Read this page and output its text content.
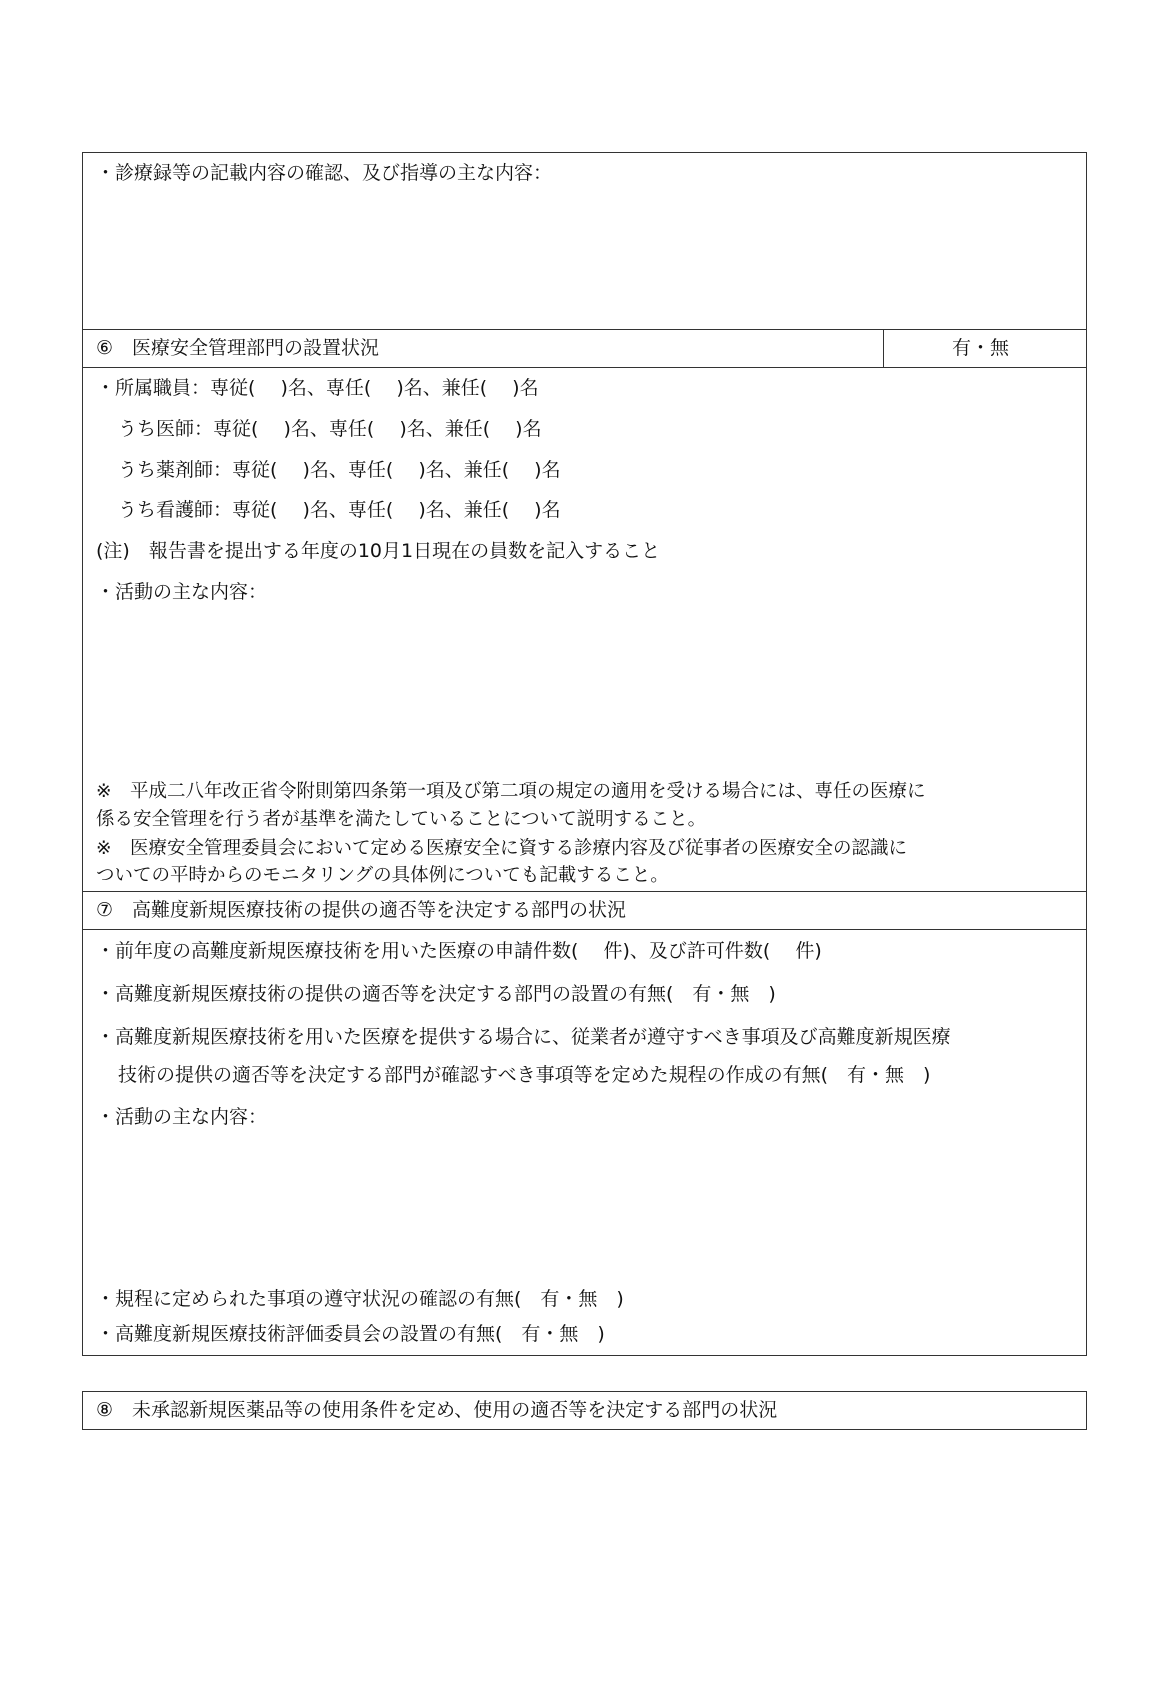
・診療録等の記載内容の確認、及び指導の主な内容：
⑥　医療安全管理部門の設置状況	有・無
・所属職員：専従(　 )名、専任(　 )名、兼任(　 )名
うち医師：専従(　 )名、専任(　 )名、兼任(　 )名
うち薬剤師：専従(　 )名、専任(　 )名、兼任(　 )名
うち看護師：専従(　 )名、専任(　 )名、兼任(　 )名
(注)　報告書を提出する年度の10月1日現在の員数を記入すること
・活動の主な内容：
※　平成二八年改正省令附則第四条第一項及び第二項の規定の適用を受ける場合には、専任の医療に
係る安全管理を行う者が基準を満たしていることについて説明すること。
※　医療安全管理委員会において定める医療安全に資する診療内容及び従事者の医療安全の認識に
ついての平時からのモニタリングの具体例についても記載すること。
⑦　高難度新規医療技術の提供の適否等を決定する部門の状況
・前年度の高難度新規医療技術を用いた医療の申請件数(　 件)、及び許可件数(　 件)
・高難度新規医療技術の提供の適否等を決定する部門の設置の有無(　有・無　)
・高難度新規医療技術を用いた医療を提供する場合に、従業者が遵守すべき事項及び高難度新規医療
技術の提供の適否等を決定する部門が確認すべき事項等を定めた規程の作成の有無(　有・無　)
・活動の主な内容：
・規程に定められた事項の遵守状況の確認の有無(　有・無　)
・高難度新規医療技術評価委員会の設置の有無(　有・無　)
⑧　未承認新規医薬品等の使用条件を定め、使用の適否等を決定する部門の状況
